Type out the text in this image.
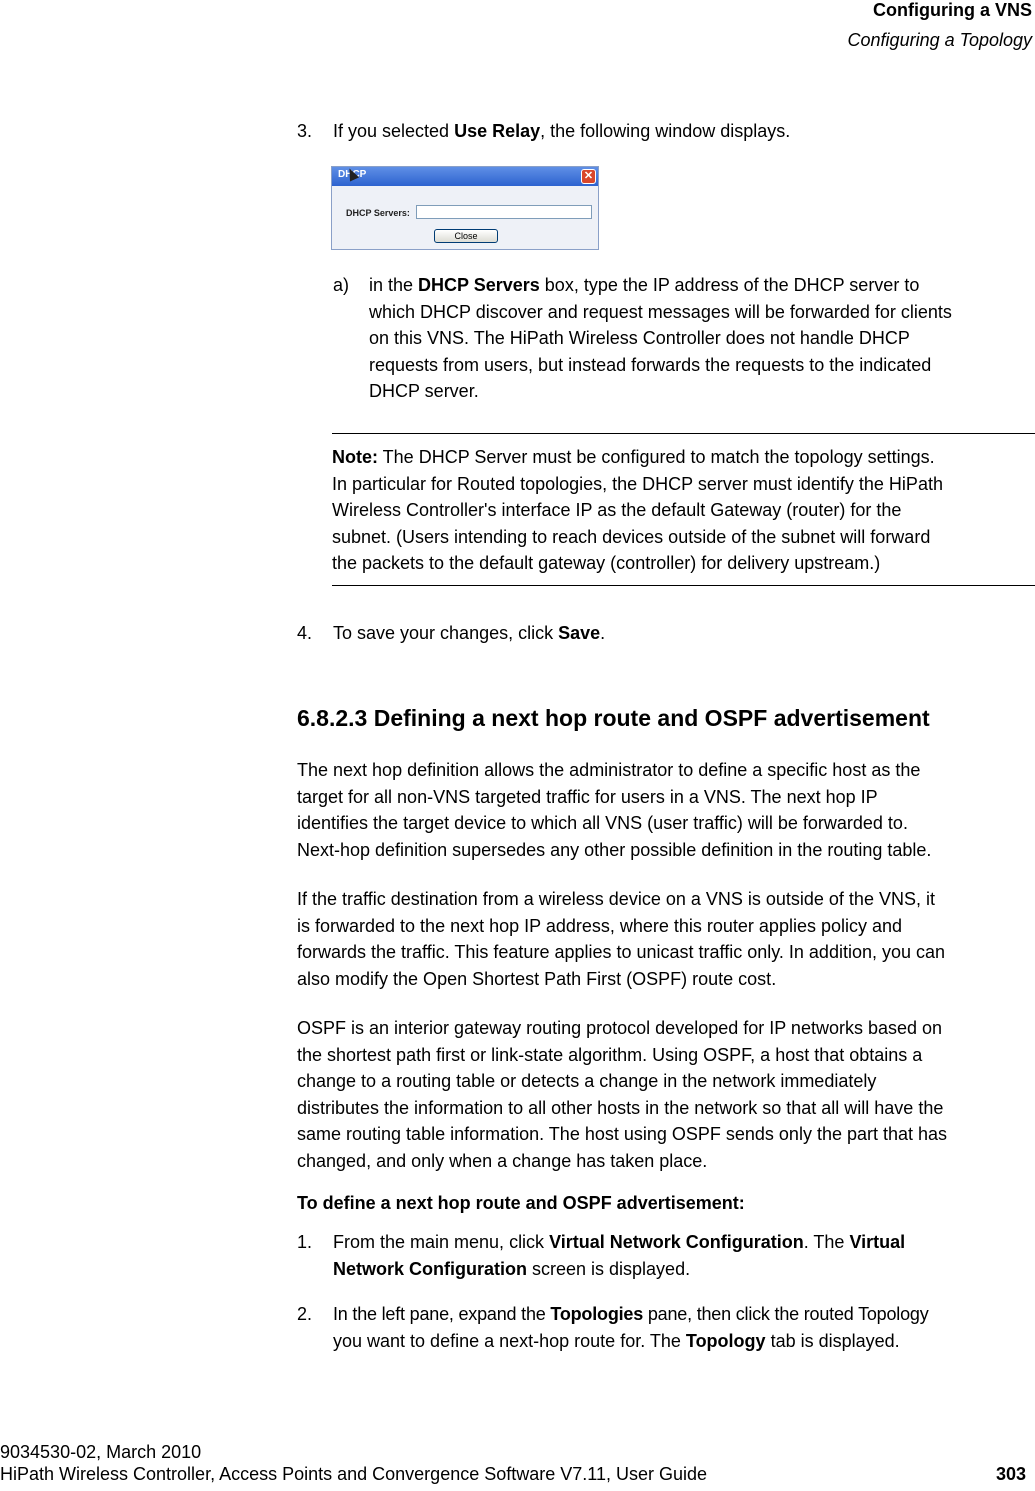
Configuring a VNS
Configuring a Topology
3. If you selected Use Relay, the following window displays.
DHCP	✕
DHCP Servers:
Close
a) in the DHCP Servers box, type the IP address of the DHCP server to
which DHCP discover and request messages will be forwarded for clients
on this VNS. The HiPath Wireless Controller does not handle DHCP
requests from users, but instead forwards the requests to the indicated
DHCP server.
Note: The DHCP Server must be configured to match the topology settings.
In particular for Routed topologies, the DHCP server must identify the HiPath
Wireless Controller's interface IP as the default Gateway (router) for the
subnet. (Users intending to reach devices outside of the subnet will forward
the packets to the default gateway (controller) for delivery upstream.)
4. To save your changes, click Save.
6.8.2.3 Defining a next hop route and OSPF advertisement
The next hop definition allows the administrator to define a specific host as the
target for all non-VNS targeted traffic for users in a VNS. The next hop IP
identifies the target device to which all VNS (user traffic) will be forwarded to.
Next-hop definition supersedes any other possible definition in the routing table.
If the traffic destination from a wireless device on a VNS is outside of the VNS, it
is forwarded to the next hop IP address, where this router applies policy and
forwards the traffic. This feature applies to unicast traffic only. In addition, you can
also modify the Open Shortest Path First (OSPF) route cost.
OSPF is an interior gateway routing protocol developed for IP networks based on
the shortest path first or link-state algorithm. Using OSPF, a host that obtains a
change to a routing table or detects a change in the network immediately
distributes the information to all other hosts in the network so that all will have the
same routing table information. The host using OSPF sends only the part that has
changed, and only when a change has taken place.
To define a next hop route and OSPF advertisement:
1. From the main menu, click Virtual Network Configuration. The Virtual
Network Configuration screen is displayed.
2. In the left pane, expand the Topologies pane, then click the routed Topology
you want to define a next-hop route for. The Topology tab is displayed.
9034530-02, March 2010
HiPath Wireless Controller, Access Points and Convergence Software V7.11, User Guide	303
